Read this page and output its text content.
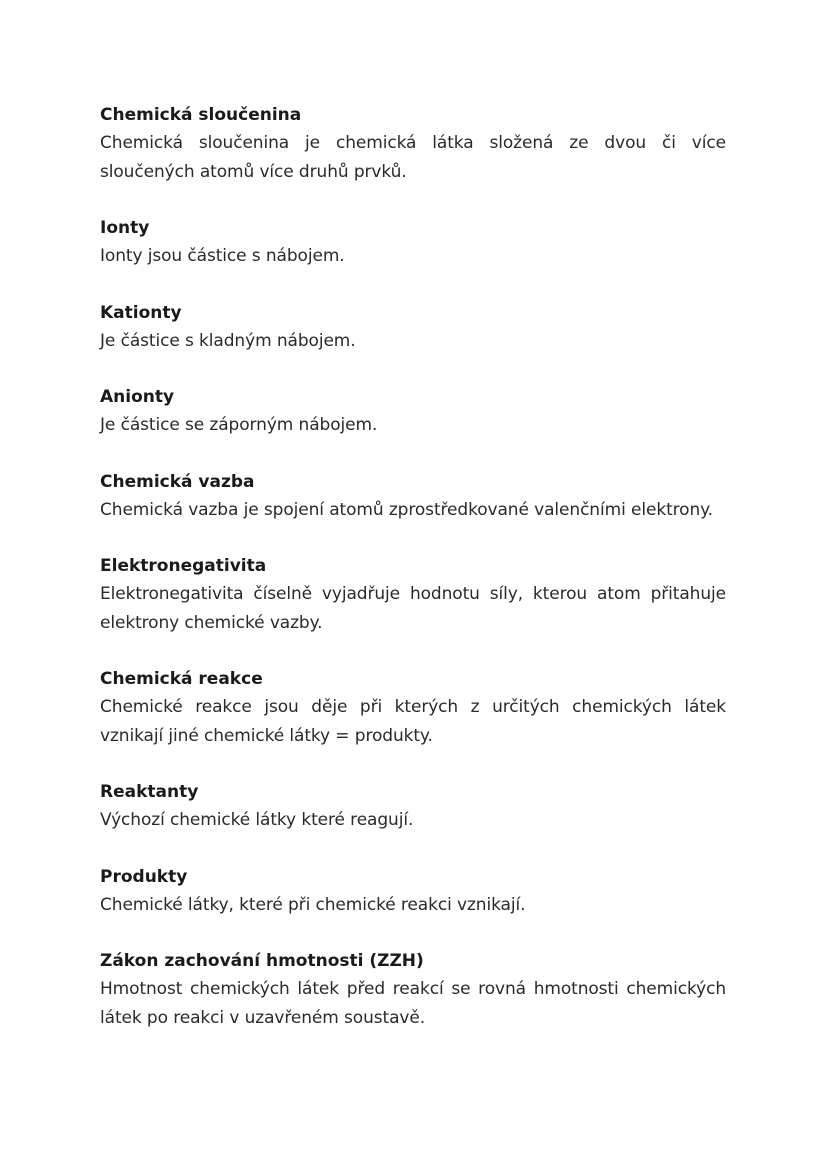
Chemická sloučenina

Chemická sloučenina je chemická látka složená ze dvou či více sloučených atomů více druhů prvků.

Ionty

Ionty jsou částice s nábojem.

Kationty

Je částice s kladným nábojem.

Anionty

Je částice se záporným nábojem.

Chemická vazba

Chemická vazba je spojení atomů zprostředkované valenčními elektrony.

Elektronegativita

Elektronegativita číselně vyjadřuje hodnotu síly, kterou atom přitahuje elektrony chemické vazby.

Chemická reakce

Chemické reakce jsou děje při kterých z určitých chemických látek vznikají jiné chemické látky = produkty.

Reaktanty

Výchozí chemické látky které reagují.

Produkty

Chemické látky, které při chemické reakci vznikají.

Zákon zachování hmotnosti (ZZH)

Hmotnost chemických látek před reakcí se rovná hmotnosti chemických látek po reakci v uzavřeném soustavě.
